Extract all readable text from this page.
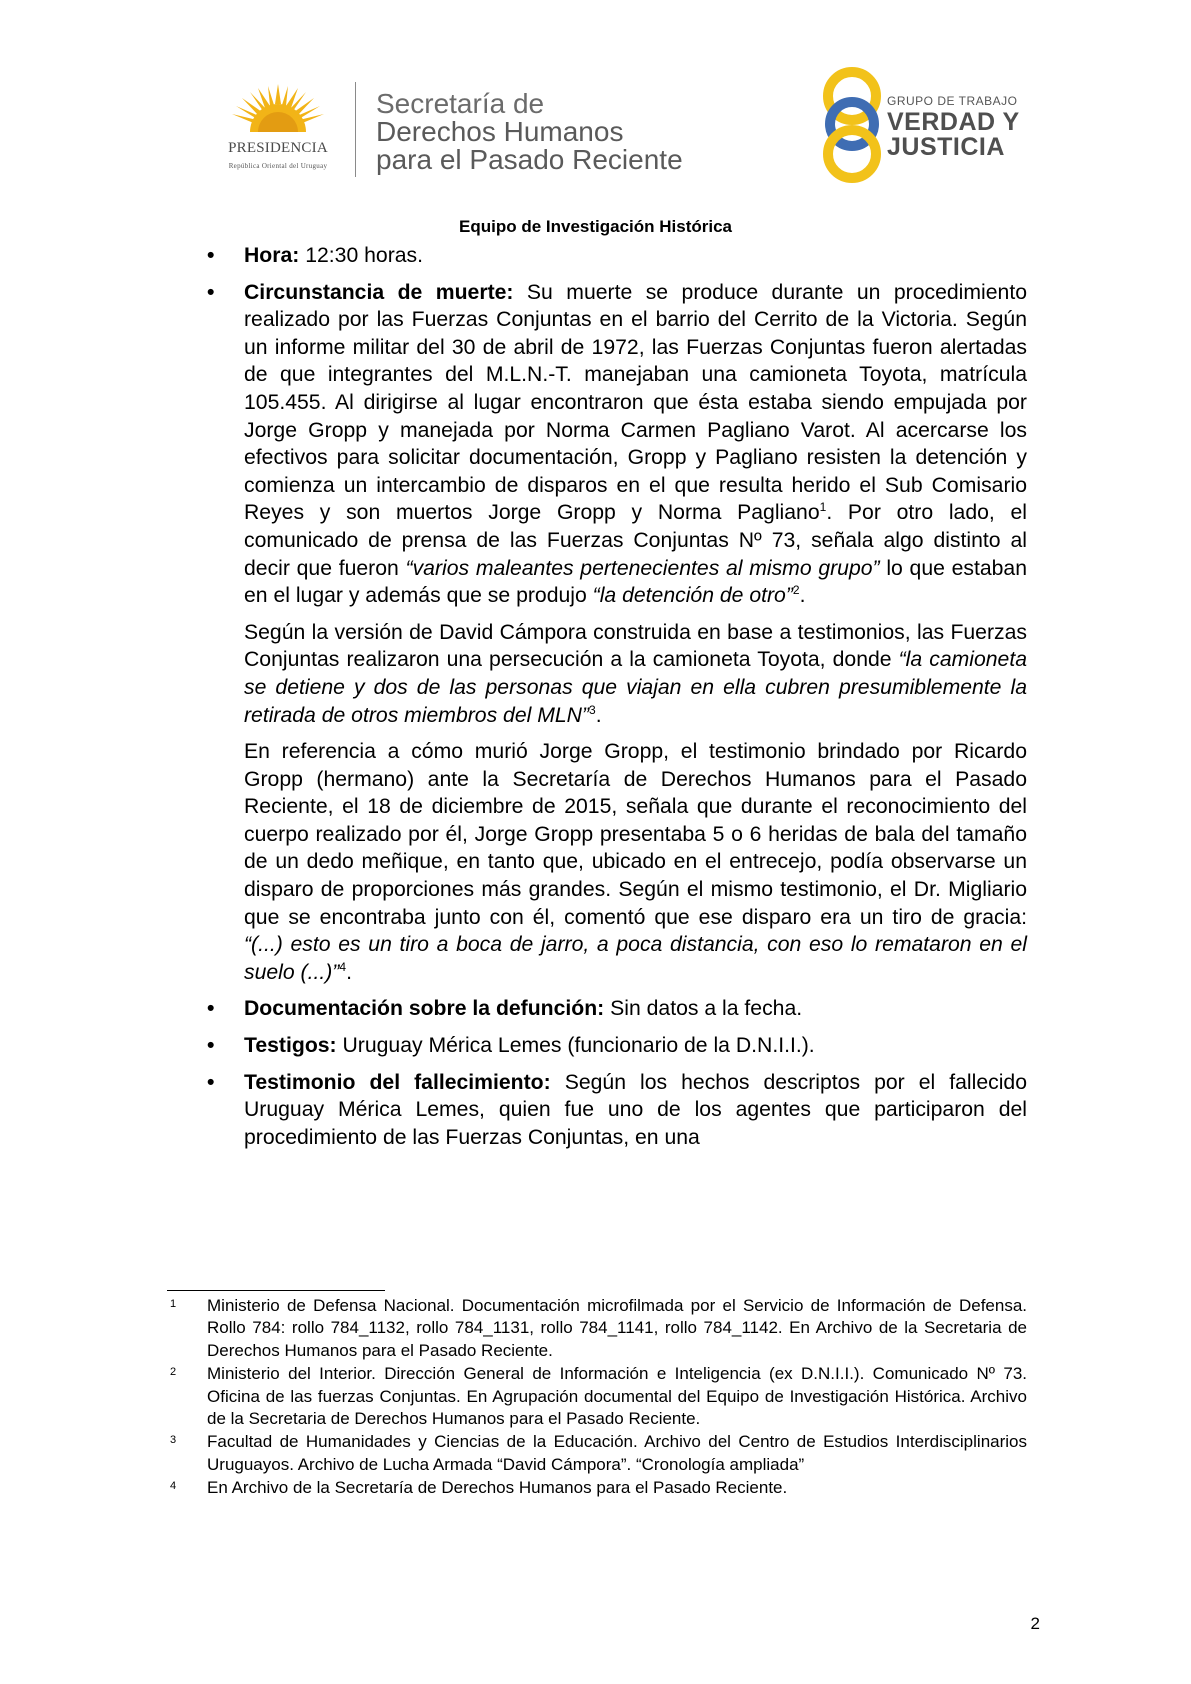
PRESIDENCIA
República Oriental del Uruguay
Secretaría de
Derechos Humanos
para el Pasado Reciente
GRUPO DE TRABAJO
VERDAD Y
JUSTICIA
Equipo de Investigación Histórica
• Hora: 12:30 horas.
• Circunstancia de muerte: Su muerte se produce durante un procedimiento realizado por las Fuerzas Conjuntas en el barrio del Cerrito de la Victoria. Según un informe militar del 30 de abril de 1972, las Fuerzas Conjuntas fueron alertadas de que integrantes del M.L.N.-T. manejaban una camioneta Toyota, matrícula 105.455. Al dirigirse al lugar encontraron que ésta estaba siendo empujada por Jorge Gropp y manejada por Norma Carmen Pagliano Varot. Al acercarse los efectivos para solicitar documentación, Gropp y Pagliano resisten la detención y comienza un intercambio de disparos en el que resulta herido el Sub Comisario Reyes y son muertos Jorge Gropp y Norma Pagliano$^1$. Por otro lado, el comunicado de prensa de las Fuerzas Conjuntas Nº 73, señala algo distinto al decir que fueron “varios maleantes pertenecientes al mismo grupo” lo que estaban en el lugar y además que se produjo “la detención de otro”$^2$.
Según la versión de David Cámpora construida en base a testimonios, las Fuerzas Conjuntas realizaron una persecución a la camioneta Toyota, donde “la camioneta se detiene y dos de las personas que viajan en ella cubren presumiblemente la retirada de otros miembros del MLN”$^3$.
En referencia a cómo murió Jorge Gropp, el testimonio brindado por Ricardo Gropp (hermano) ante la Secretaría de Derechos Humanos para el Pasado Reciente, el 18 de diciembre de 2015, señala que durante el reconocimiento del cuerpo realizado por él, Jorge Gropp presentaba 5 o 6 heridas de bala del tamaño de un dedo meñique, en tanto que, ubicado en el entrecejo, podía observarse un disparo de proporciones más grandes. Según el mismo testimonio, el Dr. Migliario que se encontraba junto con él, comentó que ese disparo era un tiro de gracia: “(...) esto es un tiro a boca de jarro, a poca distancia, con eso lo remataron en el suelo (...)”$^4$.
• Documentación sobre la defunción: Sin datos a la fecha.
• Testigos: Uruguay Mérica Lemes (funcionario de la D.N.I.I.).
• Testimonio del fallecimiento: Según los hechos descriptos por el fallecido Uruguay Mérica Lemes, quien fue uno de los agentes que participaron del procedimiento de las Fuerzas Conjuntas, en una
1 Ministerio de Defensa Nacional. Documentación microfilmada por el Servicio de Información de Defensa. Rollo 784: rollo 784_1132, rollo 784_1131, rollo 784_1141, rollo 784_1142. En Archivo de la Secretaria de Derechos Humanos para el Pasado Reciente.
2 Ministerio del Interior. Dirección General de Información e Inteligencia (ex D.N.I.I.). Comunicado Nº 73. Oficina de las fuerzas Conjuntas. En Agrupación documental del Equipo de Investigación Histórica. Archivo de la Secretaria de Derechos Humanos para el Pasado Reciente.
3 Facultad de Humanidades y Ciencias de la Educación. Archivo del Centro de Estudios Interdisciplinarios Uruguayos. Archivo de Lucha Armada “David Cámpora”. “Cronología ampliada”
4 En Archivo de la Secretaría de Derechos Humanos para el Pasado Reciente.
2
